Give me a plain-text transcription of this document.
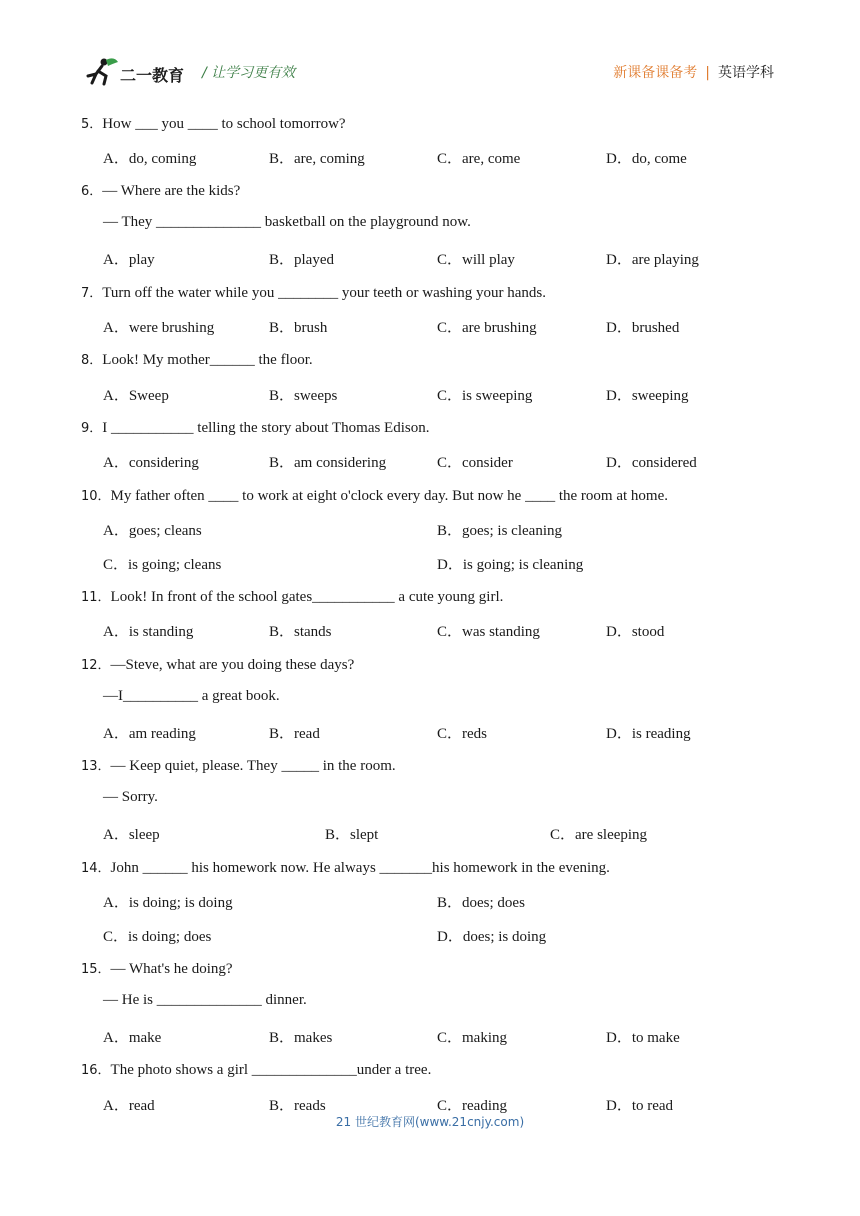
二一教育 / 让学习更有效	新课备课备考 | 英语学科
5．How ___ you ____ to school tomorrow?
A．do, coming	B．are, coming	C．are, come	D．do, come
6．— Where are the kids?
— They ______________ basketball on the playground now.
A．play	B．played	C．will play	D．are playing
7．Turn off the water while you ________ your teeth or washing your hands.
A．were brushing	B．brush	C．are brushing	D．brushed
8．Look! My mother______ the floor.
A．Sweep	B．sweeps	C．is sweeping	D．sweeping
9．I ___________ telling the story about Thomas Edison.
A．considering	B．am considering	C．consider	D．considered
10．My father often ____ to work at eight o'clock every day. But now he ____ the room at home.
A．goes; cleans	B．goes; is cleaning
C．is going; cleans	D．is going; is cleaning
11．Look! In front of the school gates___________ a cute young girl.
A．is standing	B．stands	C．was standing	D．stood
12．—Steve, what are you doing these days?
—I__________ a great book.
A．am reading	B．read	C．reds	D．is reading
13．— Keep quiet, please. They _____ in the room.
— Sorry.
A．sleep	B．slept	C．are sleeping
14．John ______ his homework now. He always _______his homework in the evening.
A．is doing; is doing	B．does; does
C．is doing; does	D．does; is doing
15．— What's he doing?
— He is ______________ dinner.
A．make	B．makes	C．making	D．to make
16．The photo shows a girl ______________under a tree.
A．read	B．reads	C．reading	D．to read
21 世纪教育网(www.21cnjy.com)
